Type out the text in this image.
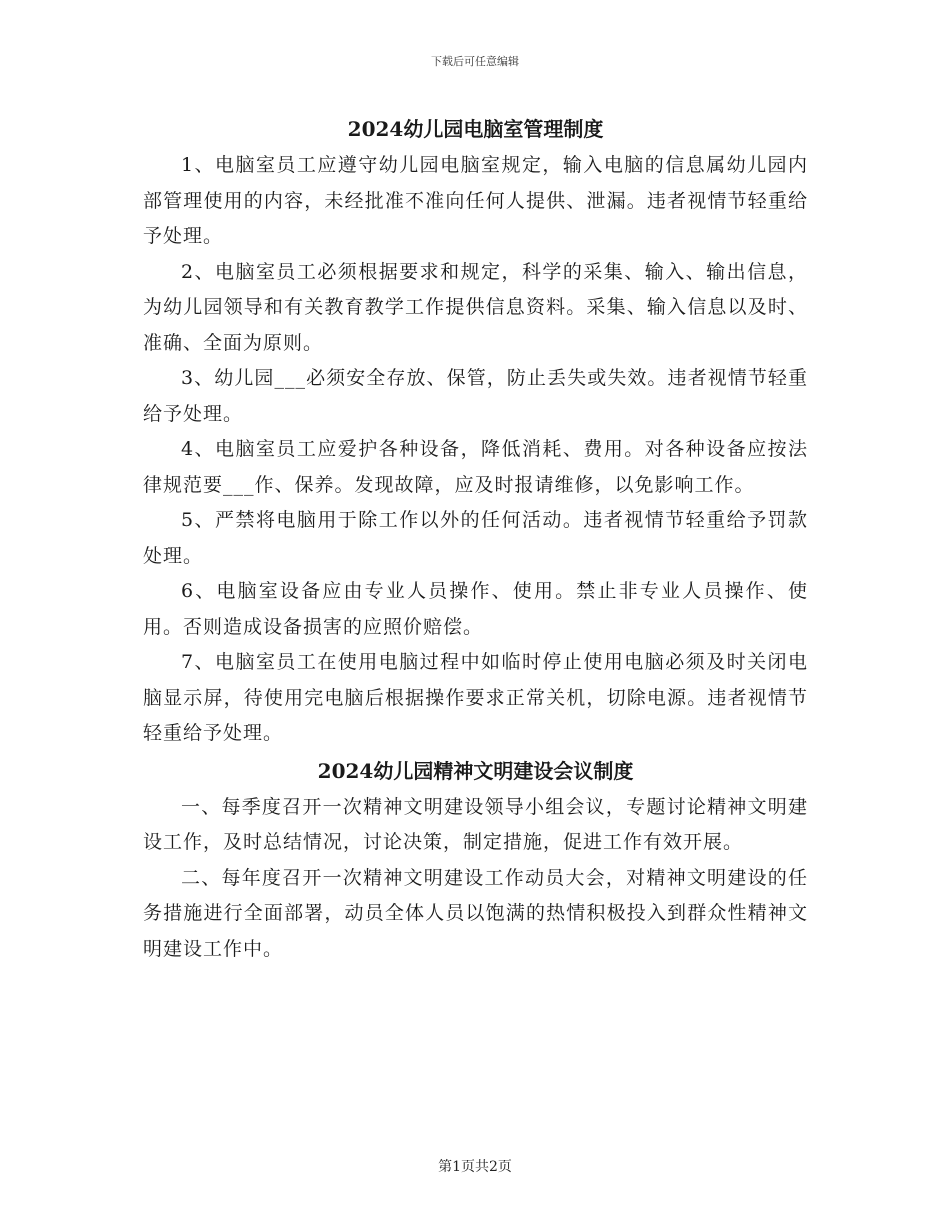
下载后可任意编辑
2024幼儿园电脑室管理制度

1、电脑室员工应遵守幼儿园电脑室规定，输入电脑的信息属幼儿园内部管理使用的内容，未经批准不准向任何人提供、泄漏。违者视情节轻重给予处理。

2、电脑室员工必须根据要求和规定，科学的采集、输入、输出信息，为幼儿园领导和有关教育教学工作提供信息资料。采集、输入信息以及时、准确、全面为原则。

3、幼儿园___必须安全存放、保管，防止丢失或失效。违者视情节轻重给予处理。

4、电脑室员工应爱护各种设备，降低消耗、费用。对各种设备应按法律规范要___作、保养。发现故障，应及时报请维修，以免影响工作。

5、严禁将电脑用于除工作以外的任何活动。违者视情节轻重给予罚款处理。

6、电脑室设备应由专业人员操作、使用。禁止非专业人员操作、使用。否则造成设备损害的应照价赔偿。

7、电脑室员工在使用电脑过程中如临时停止使用电脑必须及时关闭电脑显示屏，待使用完电脑后根据操作要求正常关机，切除电源。违者视情节轻重给予处理。

2024幼儿园精神文明建设会议制度

一、每季度召开一次精神文明建设领导小组会议，专题讨论精神文明建设工作，及时总结情况，讨论决策，制定措施，促进工作有效开展。

二、每年度召开一次精神文明建设工作动员大会，对精神文明建设的任务措施进行全面部署，动员全体人员以饱满的热情积极投入到群众性精神文明建设工作中。

第1页共2页
